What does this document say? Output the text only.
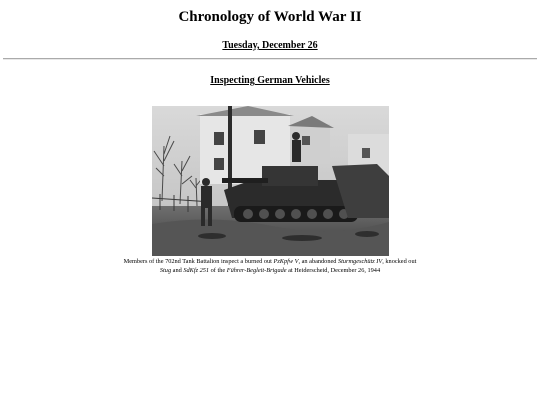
Chronology of World War II
Tuesday, December 26
Inspecting German Vehicles

Members of the 702nd Tank Battalion inspect a burned out PzKpfw V, an abandoned Sturmgeschütz IV, knocked out Stug and SdKfz 251 of the Führer-Begleit-Brigade at Heiderscheid, December 26, 1944
